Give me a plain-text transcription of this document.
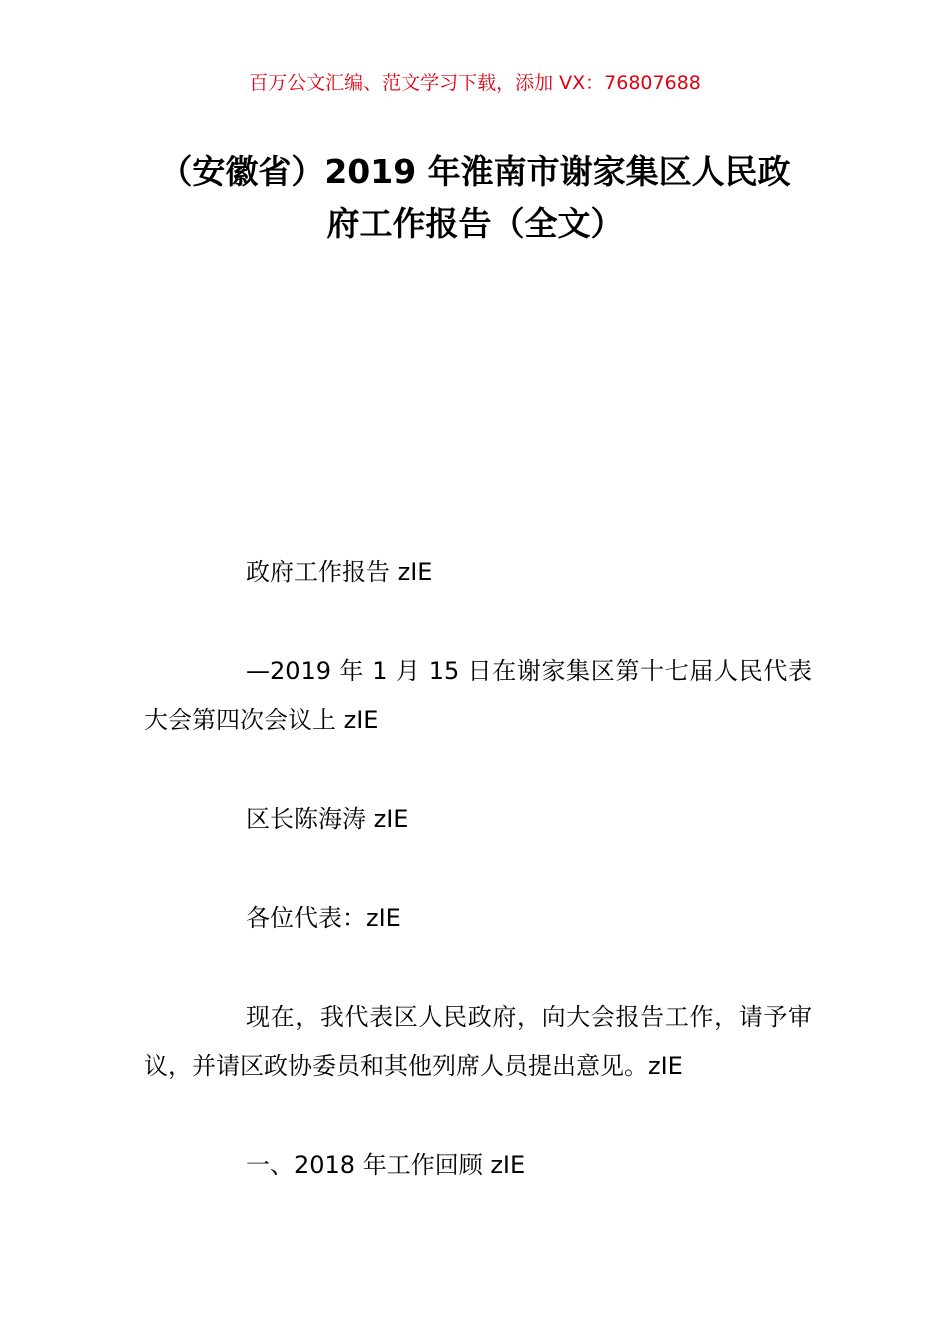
百万公文汇编、范文学习下载，添加 VX：76807688
（安徽省）2019 年淮南市谢家集区人民政
府工作报告（全文）

政府工作报告 zIE

—2019 年 1 月 15 日在谢家集区第十七届人民代表大会第四次会议上 zIE

区长陈海涛 zIE

各位代表：zIE

现在，我代表区人民政府，向大会报告工作，请予审议，并请区政协委员和其他列席人员提出意见。zIE

一、2018 年工作回顾 zIE
